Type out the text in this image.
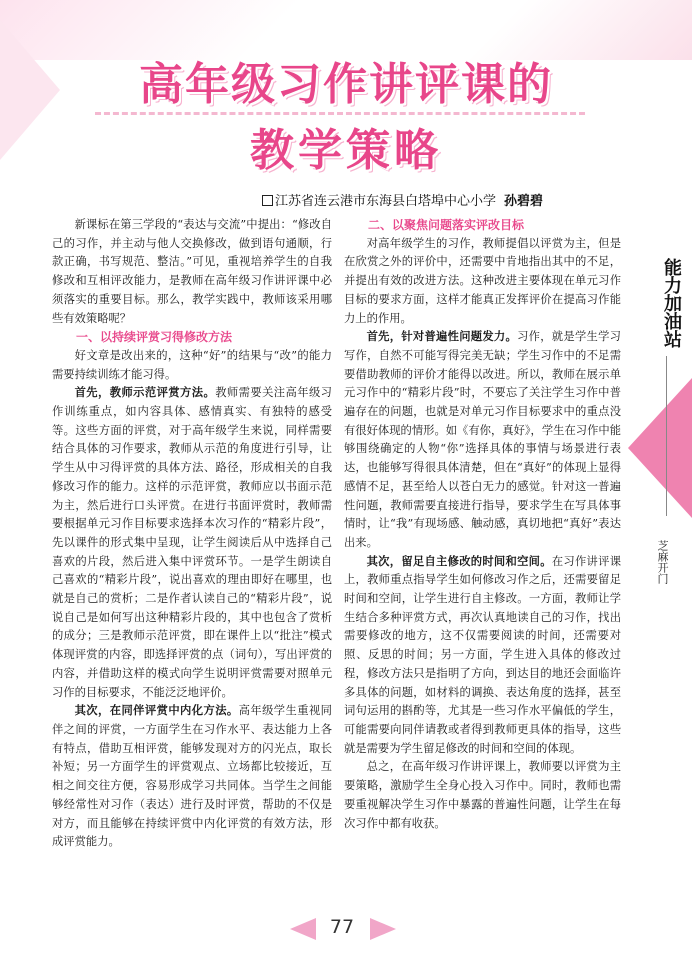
高年级习作讲评课的
教学策略
江苏省连云港市东海县白塔埠中心小学 孙碧碧

新课标在第三学段的“表达与交流”中提出：“修改自己的习作，并主动与他人交换修改，做到语句通顺，行款正确，书写规范、整洁。”可见，重视培养学生的自我修改和互相评改能力，是教师在高年级习作讲评课中必须落实的重要目标。那么，教学实践中，教师该采用哪些有效策略呢？

一、以持续评赏习得修改方法

好文章是改出来的，这种“好”的结果与“改”的能力需要持续训练才能习得。

首先，教师示范评赏方法。教师需要关注高年级习作训练重点，如内容具体、感情真实、有独特的感受等。这些方面的评赏，对于高年级学生来说，同样需要结合具体的习作要求，教师从示范的角度进行引导，让学生从中习得评赏的具体方法、路径，形成相关的自我修改习作的能力。这样的示范评赏，教师应以书面示范为主，然后进行口头评赏。在进行书面评赏时，教师需要根据单元习作目标要求选择本次习作的“精彩片段”，先以课件的形式集中呈现，让学生阅读后从中选择自己喜欢的片段，然后进入集中评赏环节。一是学生朗读自己喜欢的“精彩片段”，说出喜欢的理由即好在哪里，也就是自己的赏析；二是作者认读自己的“精彩片段”，说说自己是如何写出这种精彩片段的，其中也包含了赏析的成分；三是教师示范评赏，即在课件上以“批注”模式体现评赏的内容，即选择评赏的点（词句），写出评赏的内容，并借助这样的模式向学生说明评赏需要对照单元习作的目标要求，不能泛泛地评价。

其次，在同伴评赏中内化方法。高年级学生重视同伴之间的评赏，一方面学生在习作水平、表达能力上各有特点，借助互相评赏，能够发现对方的闪光点，取长补短；另一方面学生的评赏观点、立场都比较接近，互相之间交往方便，容易形成学习共同体。当学生之间能够经常性对习作（表达）进行及时评赏，帮助的不仅是对方，而且能够在持续评赏中内化评赏的有效方法，形成评赏能力。

二、以聚焦问题落实评改目标

对高年级学生的习作，教师提倡以评赏为主，但是在欣赏之外的评价中，还需要中肯地指出其中的不足，并提出有效的改进方法。这种改进主要体现在单元习作目标的要求方面，这样才能真正发挥评价在提高习作能力上的作用。

首先，针对普遍性问题发力。习作，就是学生学习写作，自然不可能写得完美无缺；学生习作中的不足需要借助教师的评价才能得以改进。所以，教师在展示单元习作中的“精彩片段”时，不要忘了关注学生习作中普遍存在的问题，也就是对单元习作目标要求中的重点没有很好体现的情形。如《有你，真好》，学生在习作中能够围绕确定的人物“你”选择具体的事情与场景进行表达，也能够写得很具体清楚，但在“真好”的体现上显得感情不足，甚至给人以苍白无力的感觉。针对这一普遍性问题，教师需要直接进行指导，要求学生在写具体事情时，让“我”有现场感、触动感，真切地把“真好”表达出来。

其次，留足自主修改的时间和空间。在习作讲评课上，教师重点指导学生如何修改习作之后，还需要留足时间和空间，让学生进行自主修改。一方面，教师让学生结合多种评赏方式，再次认真地读自己的习作，找出需要修改的地方，这不仅需要阅读的时间，还需要对照、反思的时间；另一方面，学生进入具体的修改过程，修改方法只是指明了方向，到达目的地还会面临许多具体的问题，如材料的调换、表达角度的选择，甚至词句运用的斟酌等，尤其是一些习作水平偏低的学生，可能需要向同伴请教或者得到教师更具体的指导，这些就是需要为学生留足修改的时间和空间的体现。

总之，在高年级习作讲评课上，教师要以评赏为主要策略，激励学生全身心投入习作中。同时，教师也需要重视解决学生习作中暴露的普遍性问题，让学生在每次习作中都有收获。

能力加油站
芝麻开门
77
